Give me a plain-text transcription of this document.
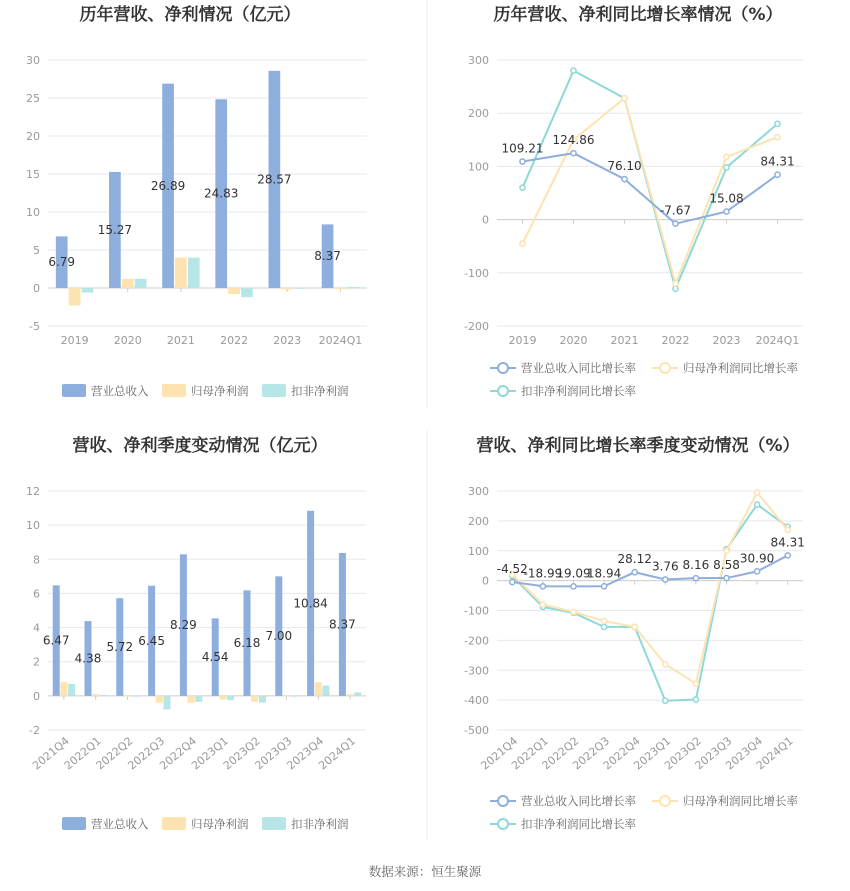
历年营收、净利情况（亿元）
30
25
20
15
10
5
0
-5
2019 2020 2021 2022 2023 2024Q1
6.79
15.27
26.89
24.83
28.57
8.37
营业总收入	归母净利润	扣非净利润
历年营收、净利同比增长率情况（%）
300
200
100
0
-100
-200
2019 2020 2021 2022 2023 2024Q1
109.21
124.86
76.10
-7.67
15.08
84.31
营业总收入同比增长率	归母净利润同比增长率
扣非净利润同比增长率
营收、净利季度变动情况（亿元）
12
10
8
6
4
2
0
-2
2021Q4
2022Q1
2022Q2
2022Q3
2022Q4
2023Q1
2023Q2
2023Q3
2023Q4
2024Q1
6.47
4.38
5.72 6.45
8.29
4.54
6.18 7.00
10.84
8.37
营业总收入	归母净利润	扣非净利润
营收、净利同比增长率季度变动情况（%）
300
200
100
0
-100
-200
-300
-400
-500
2021Q4
2022Q1
2022Q2
2022Q3
2022Q4
2023Q1
2023Q2
2023Q3
2023Q4
2024Q1
-4.52
-18.99
19.09
18.94
28.12
3.76 8.16 8.58 30.90
84.31
营业总收入同比增长率	归母净利润同比增长率
扣非净利润同比增长率
数据来源：恒生聚源
